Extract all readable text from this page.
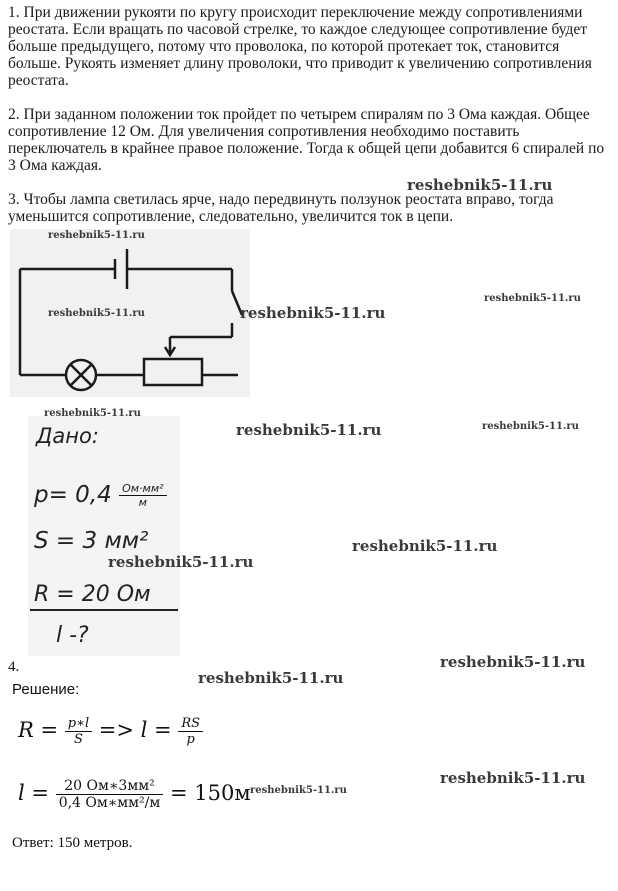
1. При движении рукояти по кругу происходит переключение между сопротивлениями реостата. Если вращать по часовой стрелке, то каждое следующее сопротивление будет больше предыдущего, потому что проволока, по которой протекает ток, становится больше. Рукоять изменяет длину проволоки, что приводит к увеличению сопротивления реостата.
2. При заданном положении ток пройдет по четырем спиралям по 3 Ома каждая. Общее сопротивление 12 Ом. Для увеличения сопротивления необходимо поставить переключатель в крайнее правое положение. Тогда к общей цепи добавится 6 спиралей по 3 Ома каждая.
3. Чтобы лампа светилась ярче, надо передвинуть ползунок реостата вправо, тогда уменьшится сопротивление, следовательно, увеличится ток в цепи.
Дано:
$p= 0,4 \frac{\text{Ом·мм²}}{м}$
S = 3 мм²
R = 20 Ом
l -?
4.
Решение:
$R = \frac{p∗l}{S} => l = \frac{RS}{p}$
$l = \frac{\text{20 Ом∗3мм²}}{\text{0,4 Ом∗мм²/м}} = 150м$
Ответ: 150 метров.
reshebnik5-11.ru
reshebnik5-11.ru
reshebnik5-11.ru	reshebnik5-11.ru
reshebnik5-11.ru
reshebnik5-11.ru
reshebnik5-11.ru	reshebnik5-11.ru
reshebnik5-11.ru
reshebnik5-11.ru
reshebnik5-11.ru
reshebnik5-11.ru
reshebnik5-11.ru
reshebnik5-11.ru
